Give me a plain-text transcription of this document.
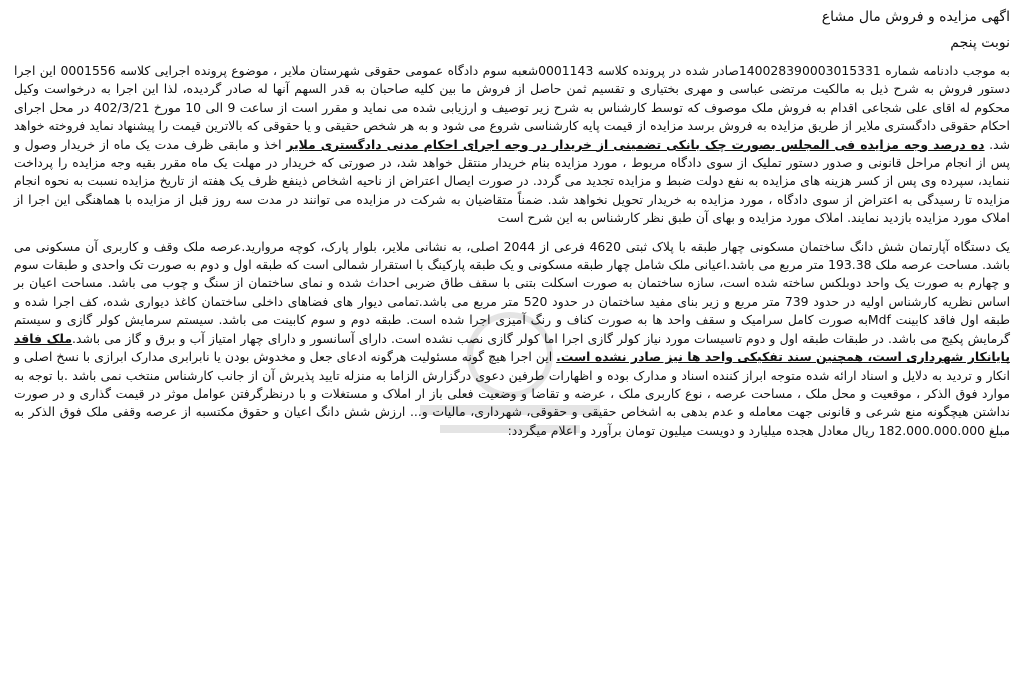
اگهی مزایده و فروش مال مشاع
نوبت پنجم

به موجب دادنامه شماره 140028390003015331صادر شده در پرونده کلاسه 0001143شعبه سوم دادگاه عمومی حقوقی شهرستان ملایر ، موضوع پرونده اجرایی کلاسه 0001556 این اجرا دستور فروش به شرح ذیل به مالکیت مرتضی عباسی و مهری بختیاری و تقسیم ثمن حاصل از فروش ما بین کلیه صاحبان به قدر السهم آنها له صادر گردیده، لذا این اجرا به درخواست وکیل محکوم له اقای علی شجاعی اقدام به فروش ملک موصوف که توسط کارشناس به شرح زیر توصیف و ارزیابی شده می نماید و مقرر است از ساعت 9 الی 10 مورخ 402/3/21 در محل اجرای احکام حقوقی دادگستری ملایر از طریق مزایده به فروش برسد مزایده از قیمت پایه کارشناسی شروع می شود و به هر شخص حقیقی و یا حقوقی که بالاترین قیمت را پیشنهاد نماید فروخته خواهد شد. ده درصد وجه مزایده فی المجلس بصورت چک بانکی تضمینی از خریدار در وجه اجرای احکام مدنی دادگستری ملایر اخذ و مابقی ظرف مدت یک ماه از خریدار وصول و پس از انجام مراحل قانونی و صدور دستور تملیک از سوی دادگاه مربوط ، مورد مزایده بنام خریدار منتقل خواهد شد، در صورتی که خریدار در مهلت یک ماه مقرر بقیه وجه مزایده را پرداخت ننماید، سپرده وی پس از کسر هزینه های مزایده به نفع دولت ضبط و مزایده تجدید می گردد. در صورت ایصال اعتراض از ناحیه اشخاص ذینفع ظرف یک هفته از تاریخ مزایده نسبت به نحوه انجام مزایده تا رسیدگی به اعتراض از سوی دادگاه ، مورد مزایده به خریدار تحویل نخواهد شد. ضمناً متقاضیان به شرکت در مزایده می توانند در مدت سه روز قبل از مزایده با هماهنگی این اجرا از املاک مورد مزایده بازدید نمایند. املاک مورد مزایده و بهای آن طبق نظر کارشناس به این شرح است

یک دستگاه آپارتمان شش دانگ ساختمان مسکونی چهار طبقه با پلاک ثبتی 4620 فرعی از 2044 اصلی، به نشانی ملایر، بلوار پارک، کوچه مروارید.عرصه ملک وقف و کاربری آن مسکونی می باشد. مساحت عرصه ملک 193.38 متر مربع می باشد.اعیانی ملک شامل چهار طبقه مسکونی و یک طبقه پارکینگ با استقرار شمالی است که طبقه اول و دوم به صورت تک واحدی و طبقات سوم و چهارم به صورت یک واحد دوبلکس ساخته شده است، سازه ساختمان به صورت اسکلت بتنی با سقف طاق ضربی احداث شده و نمای ساختمان از سنگ و چوب می باشد. مساحت اعیان بر اساس نظریه کارشناس اولیه در حدود 739 متر مربع و زیر بنای مفید ساختمان در حدود 520 متر مربع می باشد.تمامی دیوار های فضاهای داخلی ساختمان کاغذ دیواری شده، کف اجرا شده و طبقه اول فاقد کابینت Mdfبه صورت کامل سرامیک و سقف واحد ها به صورت کناف و رنگ آمیزی اجرا شده است. طبقه دوم و سوم کابینت می باشد. سیستم سرمایش کولر گازی و سیستم گرمایش پکیج می باشد. در طبقات طبقه اول و دوم تاسیسات مورد نیاز کولر گازی اجرا اما کولر گازی نصب نشده است. دارای آسانسور و دارای چهار امتیاز آب و برق و گاز می باشد.ملک فاقد پایانکار شهرداری است، همچنین سند تفکیکی واحد ها نیز صادر نشده است. این اجرا هیچ گونه مسئولیت هرگونه ادعای جعل و مخدوش بودن یا نابرابری مدارک ابرازی با نسخ اصلی و انکار و تردید به دلایل و اسناد ارائه شده متوجه ابراز کننده اسناد و مدارک بوده و اظهارات طرفین دعوی درگزارش الزاما به منزله تایید پذیرش آن از جانب کارشناس منتخب نمی باشد .با توجه به موارد فوق الذکر ، موقعیت و محل ملک ، مساحت عرصه ، نوع کاربری ملک ، عرضه و تقاضا و وضعیت فعلی باز ار املاک و مستغلات و با درنظرگرفتن عوامل موثر در قیمت گذاری و در صورت نداشتن هیچگونه منع شرعی و قانونی جهت معامله و عدم بدهی به اشخاص حقیقی و حقوقی، شهرداری، مالیات و... ارزش شش دانگ اعیان و حقوق مکتسبه از عرصه وقفی ملک فوق الذکر به مبلغ 182.000.000.000 ریال معادل هجده میلیارد و دویست میلیون تومان برآورد و اعلام میگردد:
